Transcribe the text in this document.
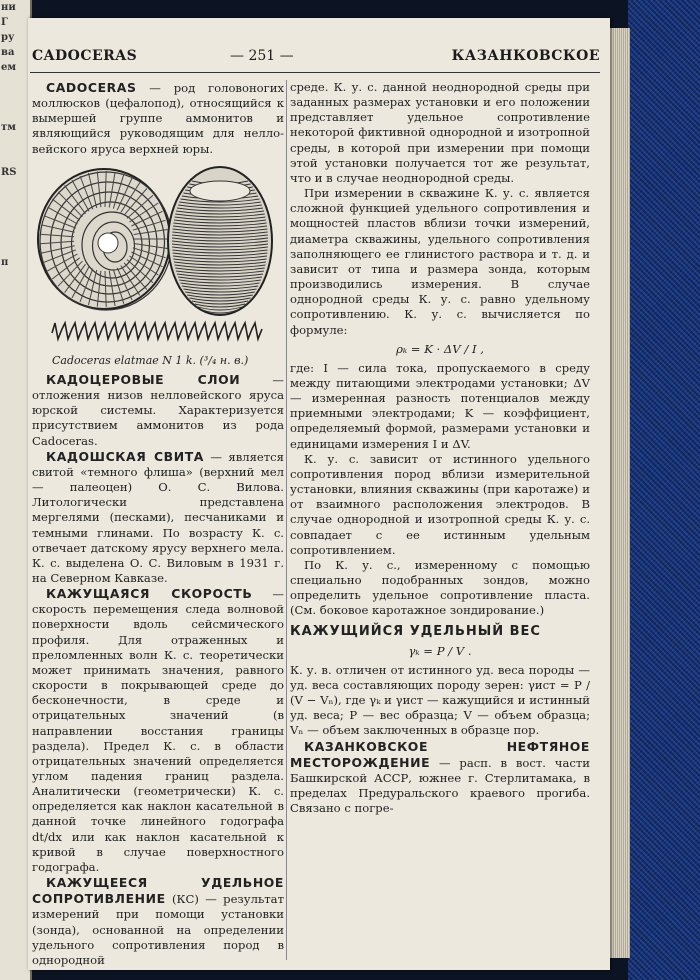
ни
Г
ру
ва
ем

тм

RS

п

CADOCERAS	— 251 —	КАЗАНКОВСКОЕ

CADOCERAS — род головоногих моллюсков (цефалопод), относящийся к вымершей группе аммонитов и являющийся руководящим для нелло-вейского яруса верхней юры.

Cadoceras elatmae N 1 k. (³/₄ н. в.)

КАДОЦЕРОВЫЕ СЛОИ — отложения низов нелловейского яруса юрской системы. Характеризуется присутствием аммонитов из рода Cadoceras.

КАДОШСКАЯ СВИТА — является свитой «темного флиша» (верхний мел — палеоцен) О. С. Вилова. Литологически представлена мергелями (песками), песчаниками и темными глинами. По возрасту К. с. отвечает датскому ярусу верхнего мела. К. с. выделена О. С. Виловым в 1931 г. на Северном Кавказе.

КАЖУЩАЯСЯ СКОРОСТЬ — скорость перемещения следа волновой поверхности вдоль сейсмического профиля. Для отраженных и преломленных волн К. с. теоретически может принимать значения, равного скорости в покрывающей среде до бесконечности, в среде и отрицательных значений (в направлении восстания границы раздела). Предел К. с. в области отрицательных значений определяется углом падения границ раздела. Аналитически (геометрически) К. с. определяется как наклон касательной в данной точке линейного годографа dt/dx или как наклон касательной к кривой в случае поверхностного годографа.

КАЖУЩЕЕСЯ УДЕЛЬНОЕ СОПРОТИВЛЕНИЕ (КС) — результат измерений при помощи установки (зонда), основанной на определении удельного сопротивления пород в однородной

среде. К. у. с. данной неоднородной среды при заданных размерах установки и его положении представляет удельное сопротивление некоторой фиктивной однородной и изотропной среды, в которой при измерении при помощи этой установки получается тот же результат, что и в случае неоднородной среды.

При измерении в скважине К. у. с. является сложной функцией удельного сопротивления и мощностей пластов вблизи точки измерений, диаметра скважины, удельного сопротивления заполняющего ее глинистого раствора и т. д. и зависит от типа и размера зонда, которым производились измерения. В случае однородной среды К. у. с. равно удельному сопротивлению. К. у. с. вычисляется по формуле:

ρₖ = K · ΔV / I ,

где: I — сила тока, пропускаемого в среду между питающими электродами установки; ΔV — измеренная разность потенциалов между приемными электродами; K — коэффициент, определяемый формой, размерами установки и единицами измерения I и ΔV.

К. у. с. зависит от истинного удельного сопротивления пород вблизи измерительной установки, влияния скважины (при каротаже) и от взаимного расположения электродов. В случае однородной и изотропной среды К. у. с. совпадает с ее истинным удельным сопротивлением.

По К. у. с., измеренному с помощью специально подобранных зондов, можно определить удельное сопротивление пласта. (См. боковое каротажное зондирование.)

КАЖУЩИЙСЯ УДЕЛЬНЫЙ ВЕС
γₖ = P / V .

К. у. в. отличен от истинного уд. веса породы — уд. веса составляющих породу зерен: γист = P / (V − Vₙ), где γₖ и γист — кажущийся и истинный уд. веса; P — вес образца; V — объем образца; Vₙ — объем заключенных в образце пор.

КАЗАНКОВСКОЕ НЕФТЯНОЕ МЕСТОРОЖДЕНИЕ — расп. в вост. части Башкирской АССР, южнее г. Стерлитамака, в пределах Предуральского краевого прогиба. Связано с погре-
